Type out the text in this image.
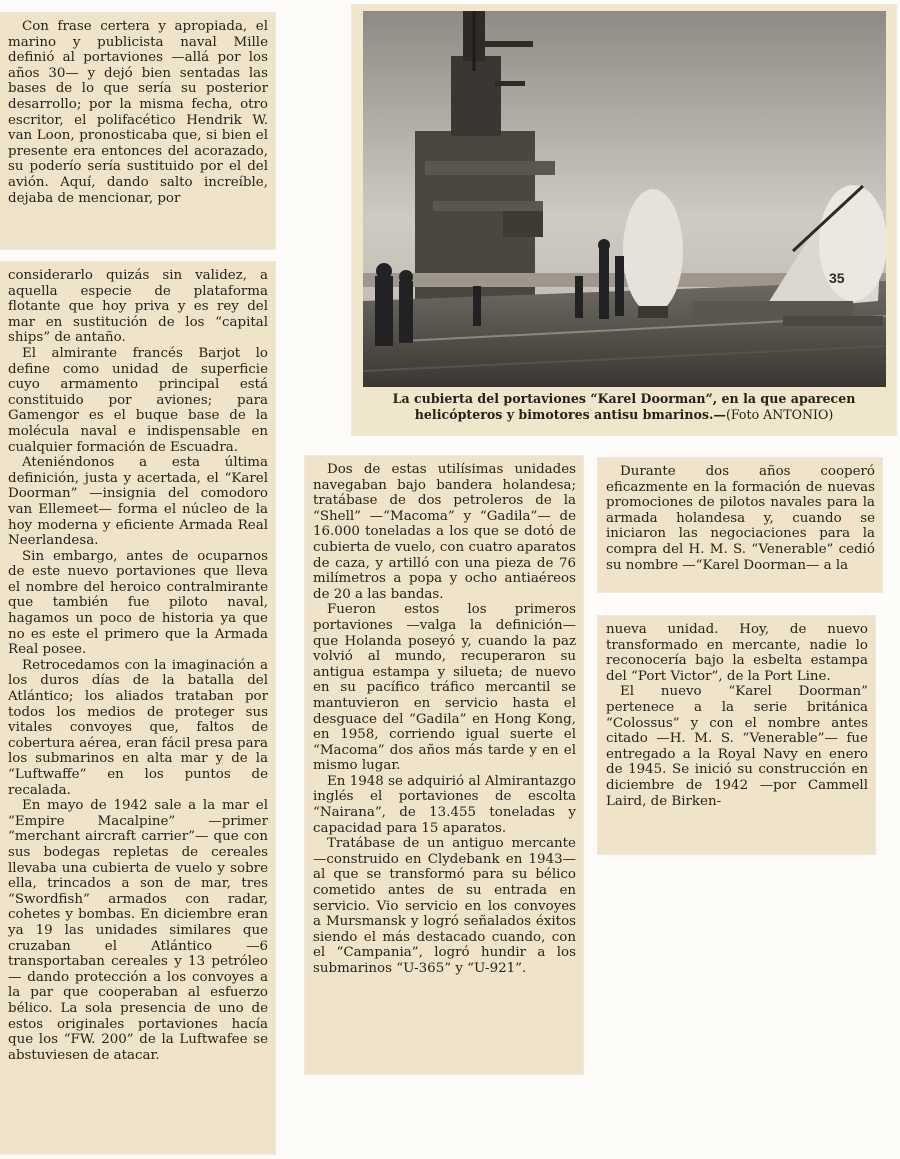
Con frase certera y apropiada, el marino y publicista naval Mille definió al portaviones —allá por los años 30— y dejó bien sentadas las bases de lo que sería su posterior desarrollo; por la misma fecha, otro escritor, el polifacético Hendrik W. van Loon, pronosticaba que, si bien el presente era entonces del acorazado, su poderío sería sustituido por el del avión. Aquí, dando salto increíble, dejaba de mencionar, por

considerarlo quizás sin validez, a aquella especie de plataforma flotante que hoy priva y es rey del mar en sustitución de los “capital ships” de antaño.

El almirante francés Barjot lo define como unidad de superficie cuyo armamento principal está constituido por aviones; para Gamengor es el buque base de la molécula naval e indispensable en cualquier formación de Escuadra.

Ateniéndonos a esta última definición, justa y acertada, el “Karel Doorman” —insignia del comodoro van Ellemeet— forma el núcleo de la hoy moderna y eficiente Armada Real Neerlandesa.

Sin embargo, antes de ocuparnos de este nuevo portaviones que lleva el nombre del heroico contralmirante que también fue piloto naval, hagamos un poco de historia ya que no es este el primero que la Armada Real posee.

Retrocedamos con la imaginación a los duros días de la batalla del Atlántico; los aliados trataban por todos los medios de proteger sus vitales convoyes que, faltos de cobertura aérea, eran fácil presa para los submarinos en alta mar y de la “Luftwaffe” en los puntos de recalada.

En mayo de 1942 sale a la mar el “Empire Macalpine” —primer “merchant aircraft carrier”— que con sus bodegas repletas de cereales llevaba una cubierta de vuelo y sobre ella, trincados a son de mar, tres “Swordfish” armados con radar, cohetes y bombas. En diciembre eran ya 19 las unidades similares que cruzaban el Atlántico —6 transportaban cereales y 13 petróleo— dando protección a los convoyes a la par que cooperaban al esfuerzo bélico. La sola presencia de uno de estos originales portaviones hacía que los “FW. 200” de la Luftwafee se abstuviesen de atacar.

35
La cubierta del portaviones “Karel Doorman”, en la que aparecen helicópteros y bimotores antisu bmarinos.—(Foto ANTONIO)

Dos de estas utilísimas unidades navegaban bajo bandera holandesa; tratábase de dos petroleros de la “Shell” —“Macoma” y “Gadila”— de 16.000 toneladas a los que se dotó de cubierta de vuelo, con cuatro aparatos de caza, y artilló con una pieza de 76 milímetros a popa y ocho antiaéreos de 20 a las bandas.

Fueron estos los primeros portaviones —valga la definición— que Holanda poseyó y, cuando la paz volvió al mundo, recuperaron su antigua estampa y silueta; de nuevo en su pacífico tráfico mercantil se mantuvieron en servicio hasta el desguace del “Gadila” en Hong Kong, en 1958, corriendo igual suerte el “Macoma” dos años más tarde y en el mismo lugar.

En 1948 se adquirió al Almirantazgo inglés el portaviones de escolta “Nairana”, de 13.455 toneladas y capacidad para 15 aparatos.

Tratábase de un antiguo mercante —construido en Clydebank en 1943— al que se transformó para su bélico cometido antes de su entrada en servicio. Vio servicio en los convoyes a Mursmansk y logró señalados éxitos siendo el más destacado cuando, con el “Campania”, logró hundir a los submarinos “U-365” y “U-921”.

Durante dos años cooperó eficazmente en la formación de nuevas promociones de pilotos navales para la armada holandesa y, cuando se iniciaron las negociaciones para la compra del H. M. S. “Venerable” cedió su nombre —“Karel Doorman— a la

nueva unidad. Hoy, de nuevo transformado en mercante, nadie lo reconocería bajo la esbelta estampa del “Port Victor”, de la Port Line.

El nuevo “Karel Doorman” pertenece a la serie británica “Colossus” y con el nombre antes citado —H. M. S. “Venerable”— fue entregado a la Royal Navy en enero de 1945. Se inició su construcción en diciembre de 1942 —por Cammell Laird, de Birken-
